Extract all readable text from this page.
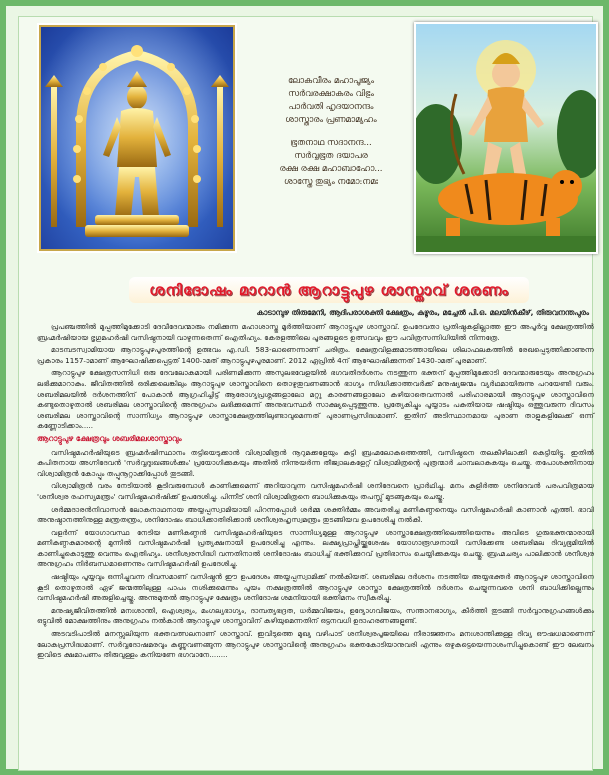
ലോകവീരം മഹാപൂജ്യം
സർവരക്ഷാകരം വിഭും
പാർവതി ഹൃദയാനന്ദം
ശാസ്താരം പ്രണമാമ്യഹം
ഭൂതനാഥ സദാനന്ദ...
സർവ്വഭൂത ദയാപര
രക്ഷ രക്ഷ മഹാബാഹോ...
ശാസ്തേ തുഭ്യം നമോ:നമഃ
ശനിദോഷം മാറാൻ ആറാട്ടുപുഴ ശാസ്താവ് ശരണം
കാടാമ്പുഴ തിരുമേനി, ആദിപരാശക്തി ക്ഷേത്രം, കുഴൂരം, മച്ചേൽ പി.ഒ. മലയിൻകീഴ്, തിരുവനന്തപുരം

പ്രപഞ്ചത്തിൽ മുപ്പത്തിമുക്കോടി ദേവീദേവന്മാരും നമിക്കുന്ന മഹാശാസ്തു മൂർത്തിയാണ് ആറാട്ടുപുഴ ശാസ്താവ്. ഉപദേവതാ പ്രതിഷ്ഠകളില്ലാത്ത ഈ അപൂർവ്വ ക്ഷേത്രത്തിൽ ബ്രഹ്മർഷിയായ ഭൃഗുമഹർഷി വസിഷ്ഠനായി വാഴുന്നതെന്ന് ഐതിഹ്യം. കേരളത്തിലെ പൂരങ്ങളുടെ ഉത്സവവും ഈ പവിത്രസന്നിധിയിൽ നിന്നത്രേ.

മാടമ്പടസ്വാമിയായ ആറാട്ടുപുഴപൂരത്തിന്റെ ഉത്ഭവം എ.ഡി. 583-ലാണെന്നാണ് ചരിത്രം. ക്ഷേത്രവിളക്കുമാടത്തായിലെ ശിലാഫലകത്തിൽ രേഖപ്പെടുത്തിക്കാണുന്ന പ്രകാരം 1157-ാമാണ് ആഘോഷിക്കപ്പെട്ടത് 1400-ാമത് ആറാട്ടുപുഴപൂരമാണ്. 2012 ഏപ്രിൽ 4ന് ആഘോഷിക്കുന്നത് 1430-ാമത് പൂരമാണ്.

ആറാട്ടുപുഴ ക്ഷേത്രസന്നിധി ഒരു ദേവലോകമായി പരിണമിക്കുന്ന അസുലഭവേളയിൽ ഭഗവതിദർശനം നടത്തുന്ന ഭക്തന് മുപ്പത്തിമുക്കോടി ദേവന്മാരുടേയും അനുഗ്രഹം ലഭിക്കുമാറാകും. ജീവിതത്തിൽ ഒരിക്കലെങ്കിലും ആറാട്ടുപുഴ ശാസ്താവിനെ തൊഴുതുവണങ്ങാൻ ഭാഗ്യം സിദ്ധിക്കാത്തവർക്ക് മനുഷ്യജന്മം വ്യർഥമായിരുന്നു പറയേണ്ടി വരും. ശബരിമലയിൽ ദർശനത്തിന് പോകാൻ ആഗ്രഹിച്ചിട്ട് ആരോഗ്യപ്രശ്നങ്ങളാലോ മറ്റു കാരണങ്ങളാലോ കഴിയാതെവന്നാൽ പരിഹാരമായി ആറാട്ടുപുഴ ശാസ്താവിനെ കണ്ടുതൊഴുതാൽ ശബരിമല ശാസ്താവിന്റെ അനുഗ്രഹം ലഭിക്കുമെന്ന് അനുഭവസ്ഥർ സാക്ഷ്യപ്പെടുത്തുന്നു. പ്രത്യേകിച്ചും പൂയ്യാടം പകുതിയായ ഷഷ്ഠിയും ഒത്തുവരുന്ന ദിവസം ശബരിമല ശാസ്താവിന്റെ സാന്നിധ്യം ആറാട്ടുപുഴ ശാസ്താക്ഷേത്രത്തിലുണ്ടാവുമെന്നത് പുരാണപ്രസിദ്ധമാണ്. ഇതിന് അടിസ്ഥാനമായ പുരാണ താളുകളിലേക്ക് ഒന്ന് കണ്ണോടിക്കാം.....

ആറാട്ടുപുഴ ക്ഷേത്രവും ശബരിമലശാസ്താവും

വസിഷ്ഠമഹർഷിയുടെ ബ്രഹ്മർഷിസ്ഥാനം തട്ടിയെടുക്കാൻ വിശ്വാമിത്രൻ നൂറുമക്കളേയും കുട്ടി ബ്രഹ്മലോകത്തെത്തി, വസിഷ്ഠനെ തലകീഴിലാക്കി കെട്ടിയിട്ടു. ഇതിൽ കുപിതനായ അഗ്നിദേവൻ 'സർവ്വദുഃഖങ്ങൾക്കും' പ്രയോഗിക്കുകയും അതിൽ നിന്നുയർന്ന തീജ്വാലകളേറ്റ് വിശ്വാമിത്രന്റെ പുത്രന്മാർ ചാമ്പലാകുകയും ചെയ്തു. തപോശക്തിനായ വിശ്വാമിത്രൻ കോപ്പും തപ്പുനൂറ്റാക്കിപ്പോൾ തുടങ്ങി.

വിശ്വാമിത്രൻ വരം നേടിയാൽ കൂടിവരുമ്പോൾ കാണിക്കുമെന്ന് അറിയാവുന്ന വസിഷ്ഠമഹർഷി ശനിദേവനെ പ്രാർഥിച്ചു. മനം കുളിർത്ത ശനിദേവൻ പരപവിത്രമായ 'ശനീശ്വര രഹസ്യമന്ത്രം' വസിഷ്ഠമഹർഷിക്ക് ഉപദേശിച്ചു. പിന്നീട് ശനി വിശ്വാമിത്രനെ ബാധിക്കുകയും തപസ്സ് മുടങ്ങുകയും ചെയ്തു.

ശർമ്മദാരൻനിവാസൻ ലോകനാഥനായ അയ്യപ്പസ്വാമിയായി പിറന്നപ്പോൾ ശർമ്മ ശക്തിർമ്മം അവതരിച്ച മണികണ്ഠനെയും വസിഷ്ഠമഹർഷി കാണാൻ എത്തി. ഭാവി അനുഷ്ഠാനത്തിനുള്ള മന്ത്രതന്ത്രം, ശനിദോഷം ബാധിക്കാതിരിക്കാൻ ശനീശ്വരഹൃസ്വമന്ത്രം തുടങ്ങിയവ ഉപദേശിച്ചു നൽകി.

വളർന്ന് യോഗാവസ്ഥ നേടിയ മണികണ്ഠൻ വസിഷ്ഠമഹർഷിയുടെ സാന്നിധ്യമുള്ള ആറാട്ടുപുഴ ശാസ്താക്ഷേത്രത്തിലെത്തിയെന്നും അവിടെ ഗുരുഭക്തന്മാരായി മണികണ്ഠകുമാരന്റെ മുന്നിൽ വസിഷ്ഠമഹർഷി പ്രത്യക്ഷനായി ഉപദേശിച്ചു എന്നും. ലക്ഷ്യപ്രാപ്തിയ്ക്കുശേഷം യോഗാരൂഢനായി വസിക്കേണ്ട ശബരിമല ദിവ്യഭൂമിയിൽ കാണിച്ചുകൊടുത്തു വെന്നും ഐതിഹ്യം. ശനീശ്വരസിദ്ധി വന്നതിനാൽ ശനിദോഷം ബാധിച്ച് ഭക്തിക്കുറവ് പ്രതിഭാസം ചെയ്യിക്കുകയും ചെയ്തു. ബ്രഹ്മചര്യം പാലിക്കാൻ ശനീശ്വര അനുഗ്രഹം നിർബന്ധമാണെന്നും വസിഷ്ഠമഹർഷി ഉപദേശിച്ചു.

ഷഷ്ഠിയും പൂയ്യവും ഒന്നിച്ചുവന്ന ദിവസമാണ് വസിഷ്ഠൻ ഈ ഉപദേശം അയ്യപ്പസ്വാമിക്ക് നൽകിയത്. ശബരിമല ദർശനം നടത്തിയ അയ്യഭക്തർ ആറാട്ടുപുഴ ശാസ്താവിനെ കൂടി തൊഴുതാൽ ഏഴ് ജന്മത്തിലുള്ള പാപം നശിക്കുമെന്നും പൂയം നക്ഷത്രത്തിൽ ആറാട്ടുപുഴ ശാസ്താ ക്ഷേത്രത്തിൽ ദർശനം ചെയ്യുന്നവരെ ശനി ബാധിക്കില്ലെന്നും വസിഷ്ഠമഹർഷി അരുളിച്ചെയ്തു. അന്നുമുതൽ ആറാട്ടുപുഴ ക്ഷേത്രം ശനിദോഷ ശമനിയായി ഭക്തിമനം സ്വീകരിച്ചു.

മനുഷ്യജീവിതത്തിൽ മനഃശാന്തി, ഐശ്വര്യം, മംഗല്യഭാഗ്യം, ദാമ്പത്യഭദ്രത, ധർമ്മവിജയം, ഉദ്യോഗവിജയം, സന്താനഭാഗ്യം, കീർത്തി തുടങ്ങി സർവ്വാനുഗ്രഹങ്ങൾക്കും ഒട്ടുവിൽ മോക്ഷത്തിനും അനുഗ്രഹം നൽകാൻ ആറാട്ടുപുഴ ശാസ്താവിന് കഴിയുമെന്നതിന് ഒട്ടനവധി ഉദാഹരണങ്ങളുണ്ട്.

അടവടിപാടിൽ മനസ്സലിയുന്ന ഭക്തവത്സലനാണ് ശാസ്താവ്. ഇവിടുത്തെ മുഖ്യ വഴിപാട് ശനീശ്വരപൂജയിലെ നീരാജ്ഞനം മനഃശാന്തിക്കുള്ള ദിവ്യ ഔഷധമാണെന്ന് ലോകപ്രസിദ്ധമാണ്. സർവ്വദോഷമരവും കണ്ണുവണങ്ങുന്ന ആറാട്ടുപുഴ ശാസ്താവിന്റെ അനുഗ്രഹം ഭക്തകോടിയാനുവരി എന്നും ഒഴുകട്ടെയെന്നാശംസിച്ചുകൊണ്ട് ഈ ലേഖനം ഇവിടെ ക്ഷമാപണം തിരുവുള്ളം കനിയണേ ഭഗവാനേ........
